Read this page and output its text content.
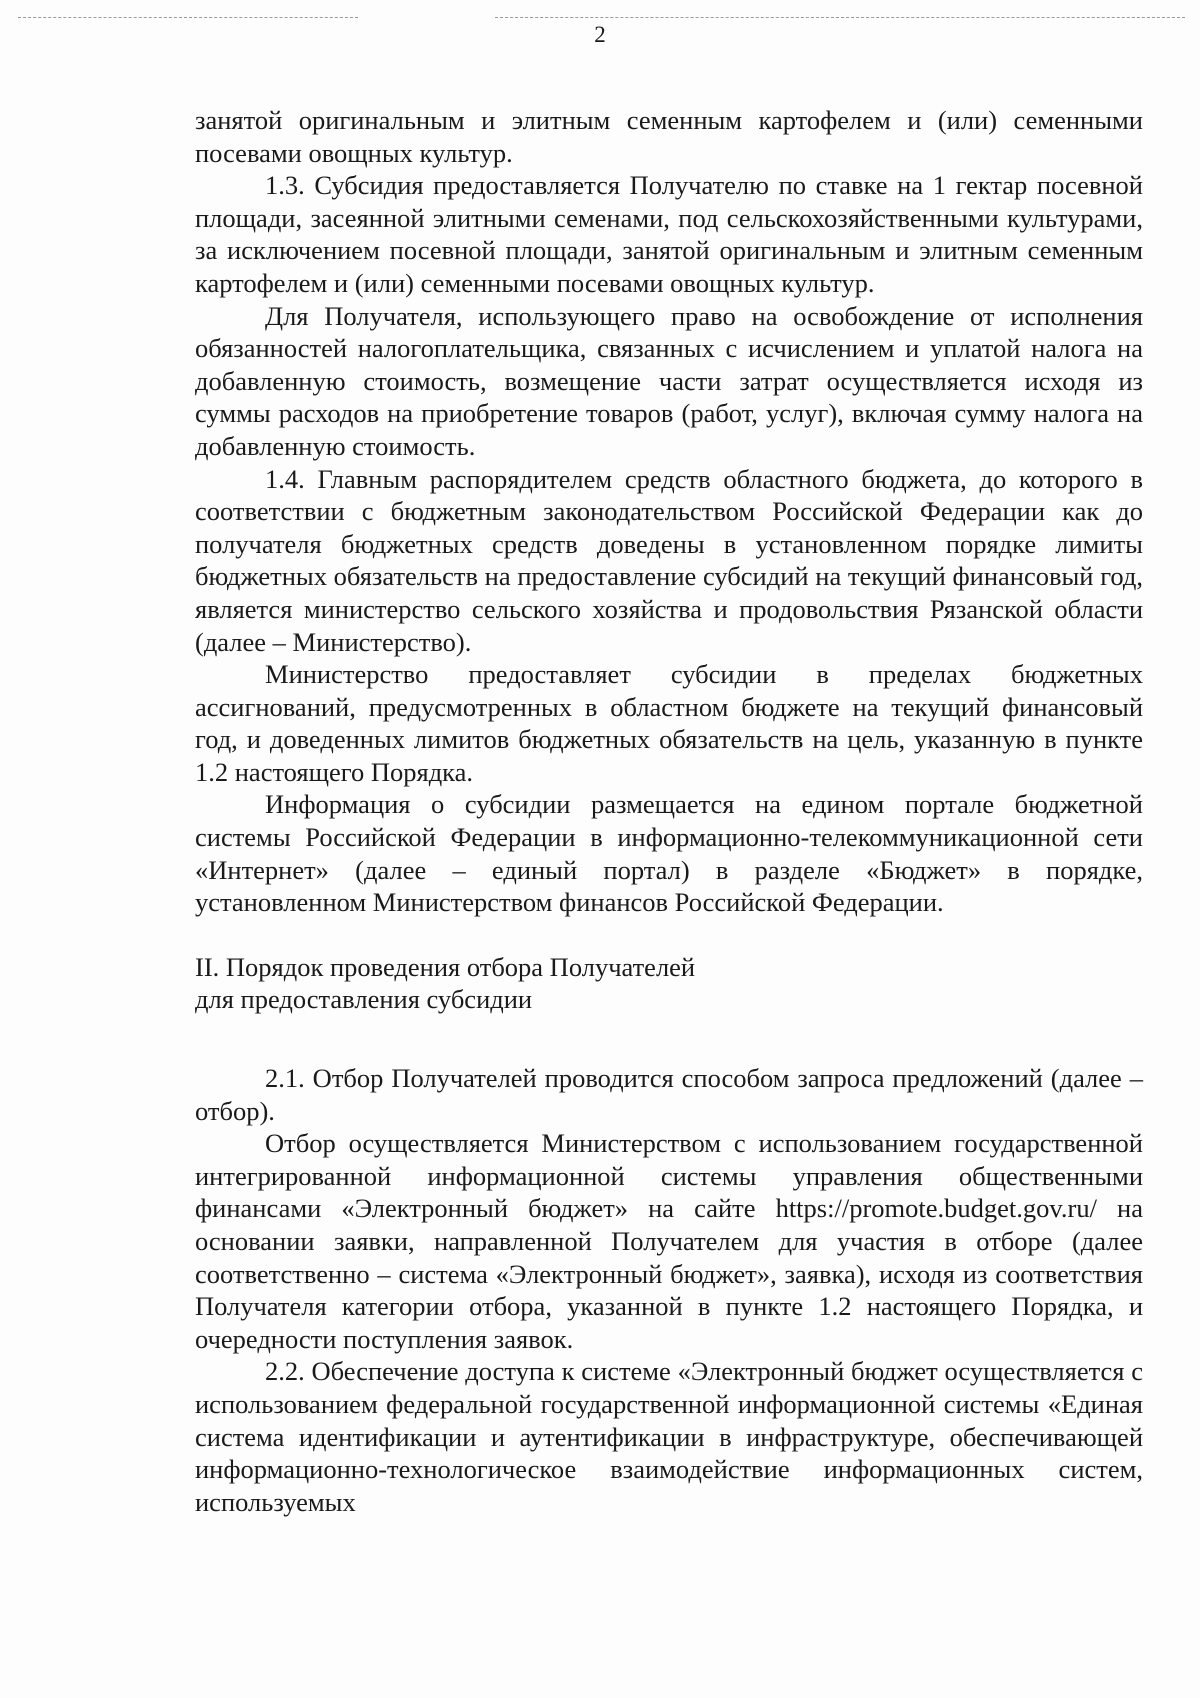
2

занятой оригинальным и элитным семенным картофелем и (или) семенными посевами овощных культур.

1.3. Субсидия предоставляется Получателю по ставке на 1 гектар посевной площади, засеянной элитными семенами, под сельскохозяйственными культурами, за исключением посевной площади, занятой оригинальным и элитным семенным картофелем и (или) семенными посевами овощных культур.

Для Получателя, использующего право на освобождение от исполнения обязанностей налогоплательщика, связанных с исчислением и уплатой налога на добавленную стоимость, возмещение части затрат осуществляется исходя из суммы расходов на приобретение товаров (работ, услуг), включая сумму налога на добавленную стоимость.

1.4. Главным распорядителем средств областного бюджета, до которого в соответствии с бюджетным законодательством Российской Федерации как до получателя бюджетных средств доведены в установленном порядке лимиты бюджетных обязательств на предоставление субсидий на текущий финансовый год, является министерство сельского хозяйства и продовольствия Рязанской области (далее – Министерство).

Министерство предоставляет субсидии в пределах бюджетных ассигнований, предусмотренных в областном бюджете на текущий финансовый год, и доведенных лимитов бюджетных обязательств на цель, указанную в пункте 1.2 настоящего Порядка.

Информация о субсидии размещается на едином портале бюджетной системы Российской Федерации в информационно-телекоммуникационной сети «Интернет» (далее – единый портал) в разделе «Бюджет» в порядке, установленном Министерством финансов Российской Федерации.

II. Порядок проведения отбора Получателей

для предоставления субсидии

2.1. Отбор Получателей проводится способом запроса предложений (далее – отбор).

Отбор осуществляется Министерством с использованием государственной интегрированной информационной системы управления общественными финансами «Электронный бюджет» на сайте https://promote.budget.gov.ru/ на основании заявки, направленной Получателем для участия в отборе (далее соответственно – система «Электронный бюджет», заявка), исходя из соответствия Получателя категории отбора, указанной в пункте 1.2 настоящего Порядка, и очередности поступления заявок.

2.2. Обеспечение доступа к системе «Электронный бюджет осуществляется с использованием федеральной государственной информационной системы «Единая система идентификации и аутентификации в инфраструктуре, обеспечивающей информационно-технологическое взаимодействие информационных систем, используемых
